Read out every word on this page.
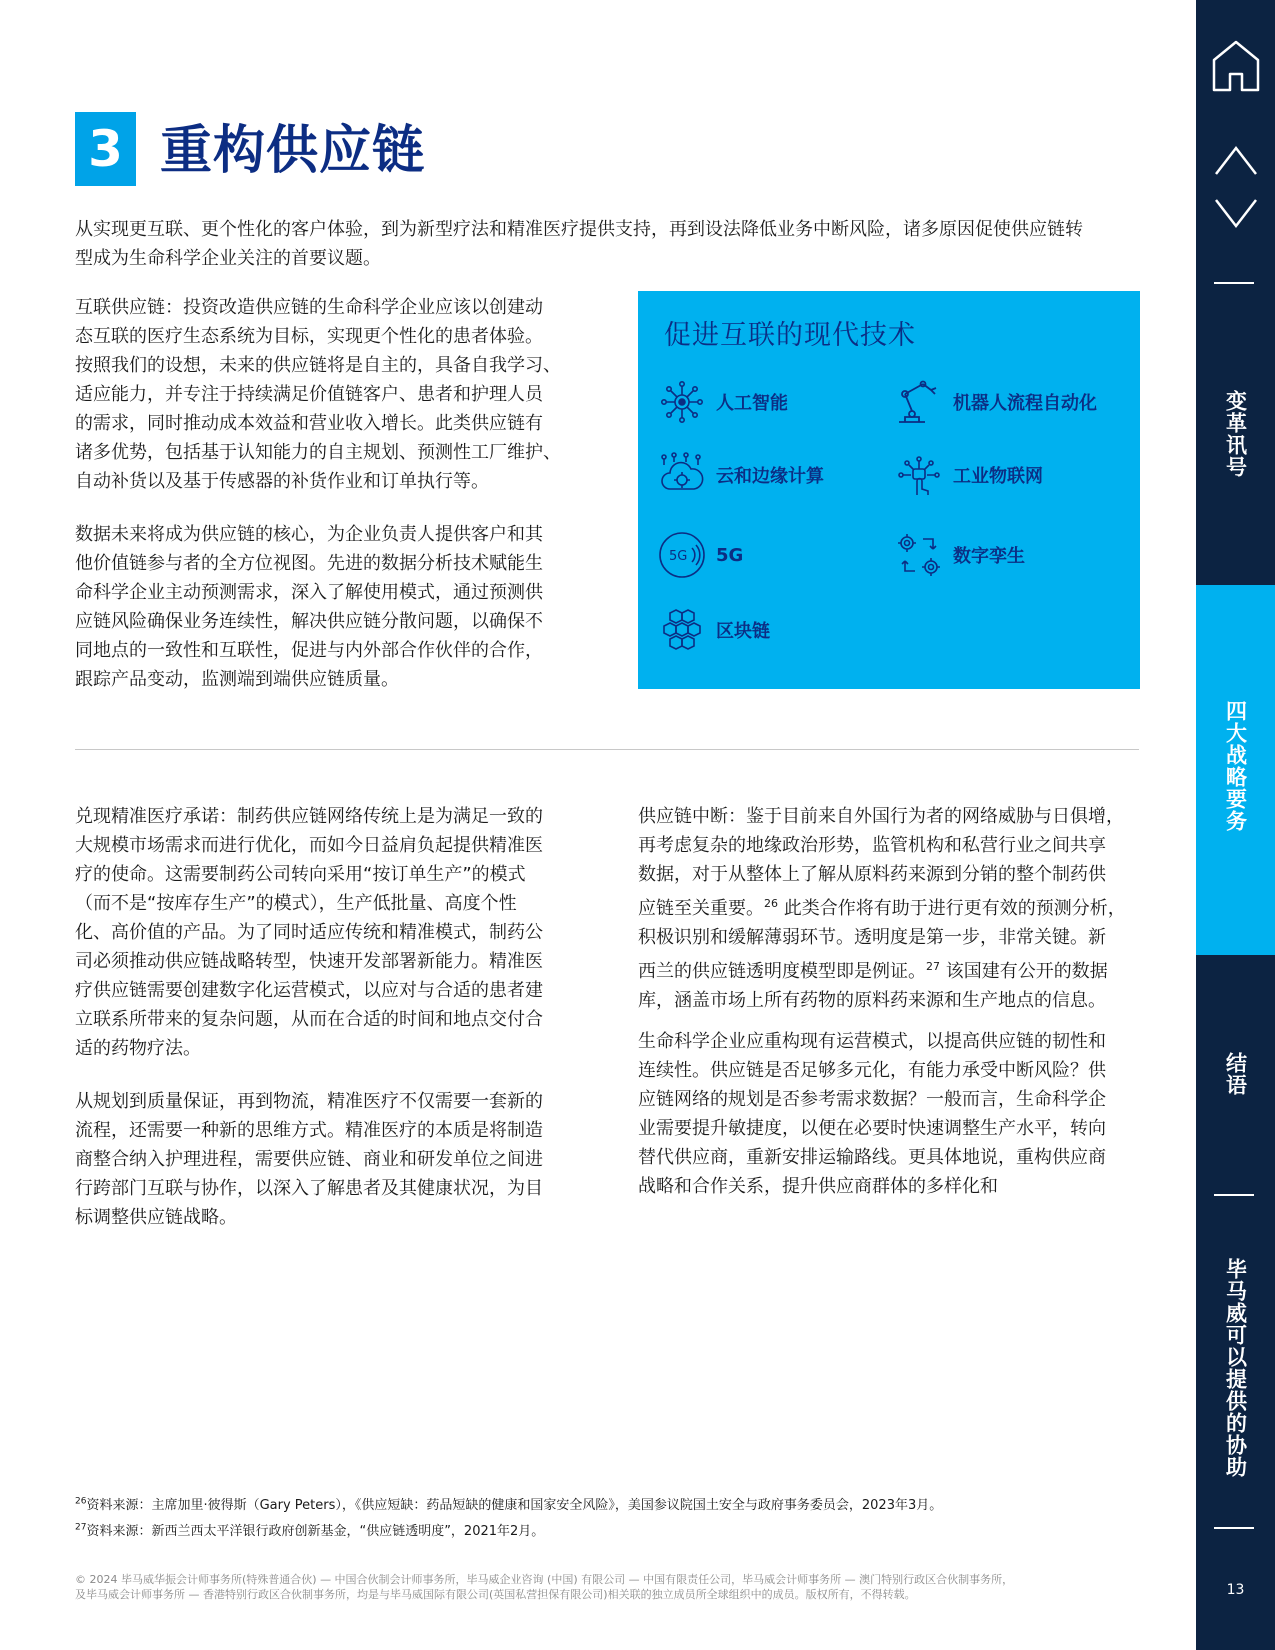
3 重构供应链
从实现更互联、更个性化的客户体验，到为新型疗法和精准医疗提供支持，再到设法降低业务中断风险，诸多原因促使供应链转
型成为生命科学企业关注的首要议题。
互联供应链：投资改造供应链的生命科学企业应该以创建动
态互联的医疗生态系统为目标，实现更个性化的患者体验。
按照我们的设想，未来的供应链将是自主的，具备自我学习、
适应能力，并专注于持续满足价值链客户、患者和护理人员
的需求，同时推动成本效益和营业收入增长。此类供应链有
诸多优势，包括基于认知能力的自主规划、预测性工厂维护、
自动补货以及基于传感器的补货作业和订单执行等。
数据未来将成为供应链的核心，为企业负责人提供客户和其
他价值链参与者的全方位视图。先进的数据分析技术赋能生
命科学企业主动预测需求，深入了解使用模式，通过预测供
应链风险确保业务连续性，解决供应链分散问题，以确保不
同地点的一致性和互联性，促进与内外部合作伙伴的合作，
跟踪产品变动，监测端到端供应链质量。
促进互联的现代技术
人工智能	机器人流程自动化
云和边缘计算	工业物联网
5G 5G	数字孪生
区块链
兑现精准医疗承诺：制药供应链网络传统上是为满足一致的
大规模市场需求而进行优化，而如今日益肩负起提供精准医
疗的使命。这需要制药公司转向采用“按订单生产”的模式
（而不是“按库存生产”的模式），生产低批量、高度个性
化、高价值的产品。为了同时适应传统和精准模式，制药公
司必须推动供应链战略转型，快速开发部署新能力。精准医
疗供应链需要创建数字化运营模式，以应对与合适的患者建
立联系所带来的复杂问题，从而在合适的时间和地点交付合
适的药物疗法。
从规划到质量保证，再到物流，精准医疗不仅需要一套新的
流程，还需要一种新的思维方式。精准医疗的本质是将制造
商整合纳入护理进程，需要供应链、商业和研发单位之间进
行跨部门互联与协作，以深入了解患者及其健康状况，为目
标调整供应链战略。
供应链中断：鉴于目前来自外国行为者的网络威胁与日俱增，
再考虑复杂的地缘政治形势，监管机构和私营行业之间共享
数据，对于从整体上了解从原料药来源到分销的整个制药供
应链至关重要。$^{26}$ 此类合作将有助于进行更有效的预测分析，
积极识别和缓解薄弱环节。透明度是第一步，非常关键。新
西兰的供应链透明度模型即是例证。$^{27}$ 该国建有公开的数据
库，涵盖市场上所有药物的原料药来源和生产地点的信息。
生命科学企业应重构现有运营模式，以提高供应链的韧性和
连续性。供应链是否足够多元化，有能力承受中断风险？供
应链网络的规划是否参考需求数据？一般而言，生命科学企
业需要提升敏捷度，以便在必要时快速调整生产水平，转向
替代供应商，重新安排运输路线。更具体地说，重构供应商
战略和合作关系，提升供应商群体的多样化和
$^{26}$资料来源：主席加里·彼得斯（Gary Peters），《供应短缺：药品短缺的健康和国家安全风险》，美国参议院国土安全与政府事务委员会，2023年3月。
$^{27}$资料来源：新西兰西太平洋银行政府创新基金，“供应链透明度”，2021年2月。
© 2024 毕马威华振会计师事务所(特殊普通合伙) — 中国合伙制会计师事务所，毕马威企业咨询 (中国) 有限公司 — 中国有限责任公司，毕马威会计师事务所 — 澳门特别行政区合伙制事务所，
及毕马威会计师事务所 — 香港特别行政区合伙制事务所，均是与毕马威国际有限公司(英国私营担保有限公司)相关联的独立成员所全球组织中的成员。版权所有，不得转载。
变革讯号
四大战略要务
结语
毕马威可以提供的协助
13
